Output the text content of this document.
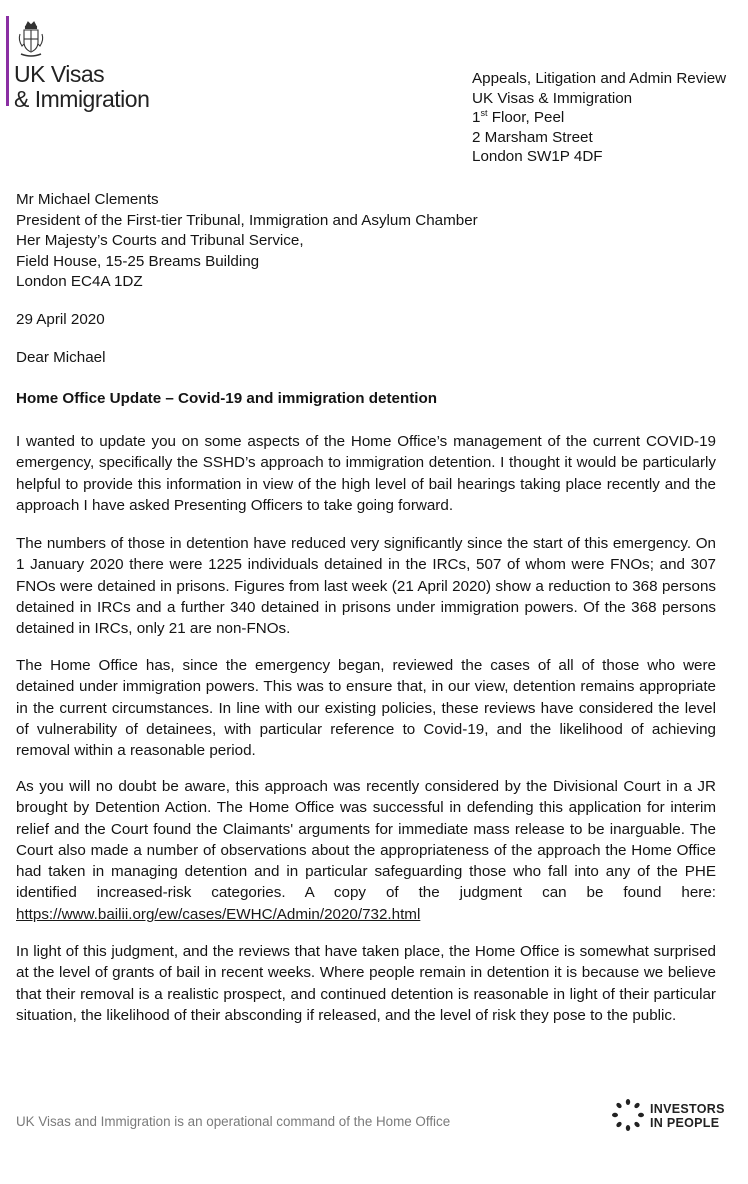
UK Visas
& Immigration
Appeals, Litigation and Admin Review
UK Visas & Immigration
1st Floor, Peel
2 Marsham Street
London SW1P 4DF
Mr Michael Clements
President of the First-tier Tribunal, Immigration and Asylum Chamber
Her Majesty’s Courts and Tribunal Service,
Field House, 15-25 Breams Building
London EC4A 1DZ
29 April 2020
Dear Michael
Home Office Update – Covid-19 and immigration detention

I wanted to update you on some aspects of the Home Office’s management of the current COVID-19 emergency, specifically the SSHD’s approach to immigration detention. I thought it would be particularly helpful to provide this information in view of the high level of bail hearings taking place recently and the approach I have asked Presenting Officers to take going forward.

The numbers of those in detention have reduced very significantly since the start of this emergency. On 1 January 2020 there were 1225 individuals detained in the IRCs, 507 of whom were FNOs; and 307 FNOs were detained in prisons. Figures from last week (21 April 2020) show a reduction to 368 persons detained in IRCs and a further 340 detained in prisons under immigration powers. Of the 368 persons detained in IRCs, only 21 are non-FNOs.

The Home Office has, since the emergency began, reviewed the cases of all of those who were detained under immigration powers. This was to ensure that, in our view, detention remains appropriate in the current circumstances. In line with our existing policies, these reviews have considered the level of vulnerability of detainees, with particular reference to Covid-19, and the likelihood of achieving removal within a reasonable period.

As you will no doubt be aware, this approach was recently considered by the Divisional Court in a JR brought by Detention Action. The Home Office was successful in defending this application for interim relief and the Court found the Claimants' arguments for immediate mass release to be inarguable. The Court also made a number of observations about the appropriateness of the approach the Home Office had taken in managing detention and in particular safeguarding those who fall into any of the PHE identified increased-risk categories. A copy of the judgment can be found here: https://www.bailii.org/ew/cases/EWHC/Admin/2020/732.html

In light of this judgment, and the reviews that have taken place, the Home Office is somewhat surprised at the level of grants of bail in recent weeks. Where people remain in detention it is because we believe that their removal is a realistic prospect, and continued detention is reasonable in light of their particular situation, the likelihood of their absconding if released, and the level of risk they pose to the public.

UK Visas and Immigration is an operational command of the Home Office
INVESTORS
IN PEOPLE
